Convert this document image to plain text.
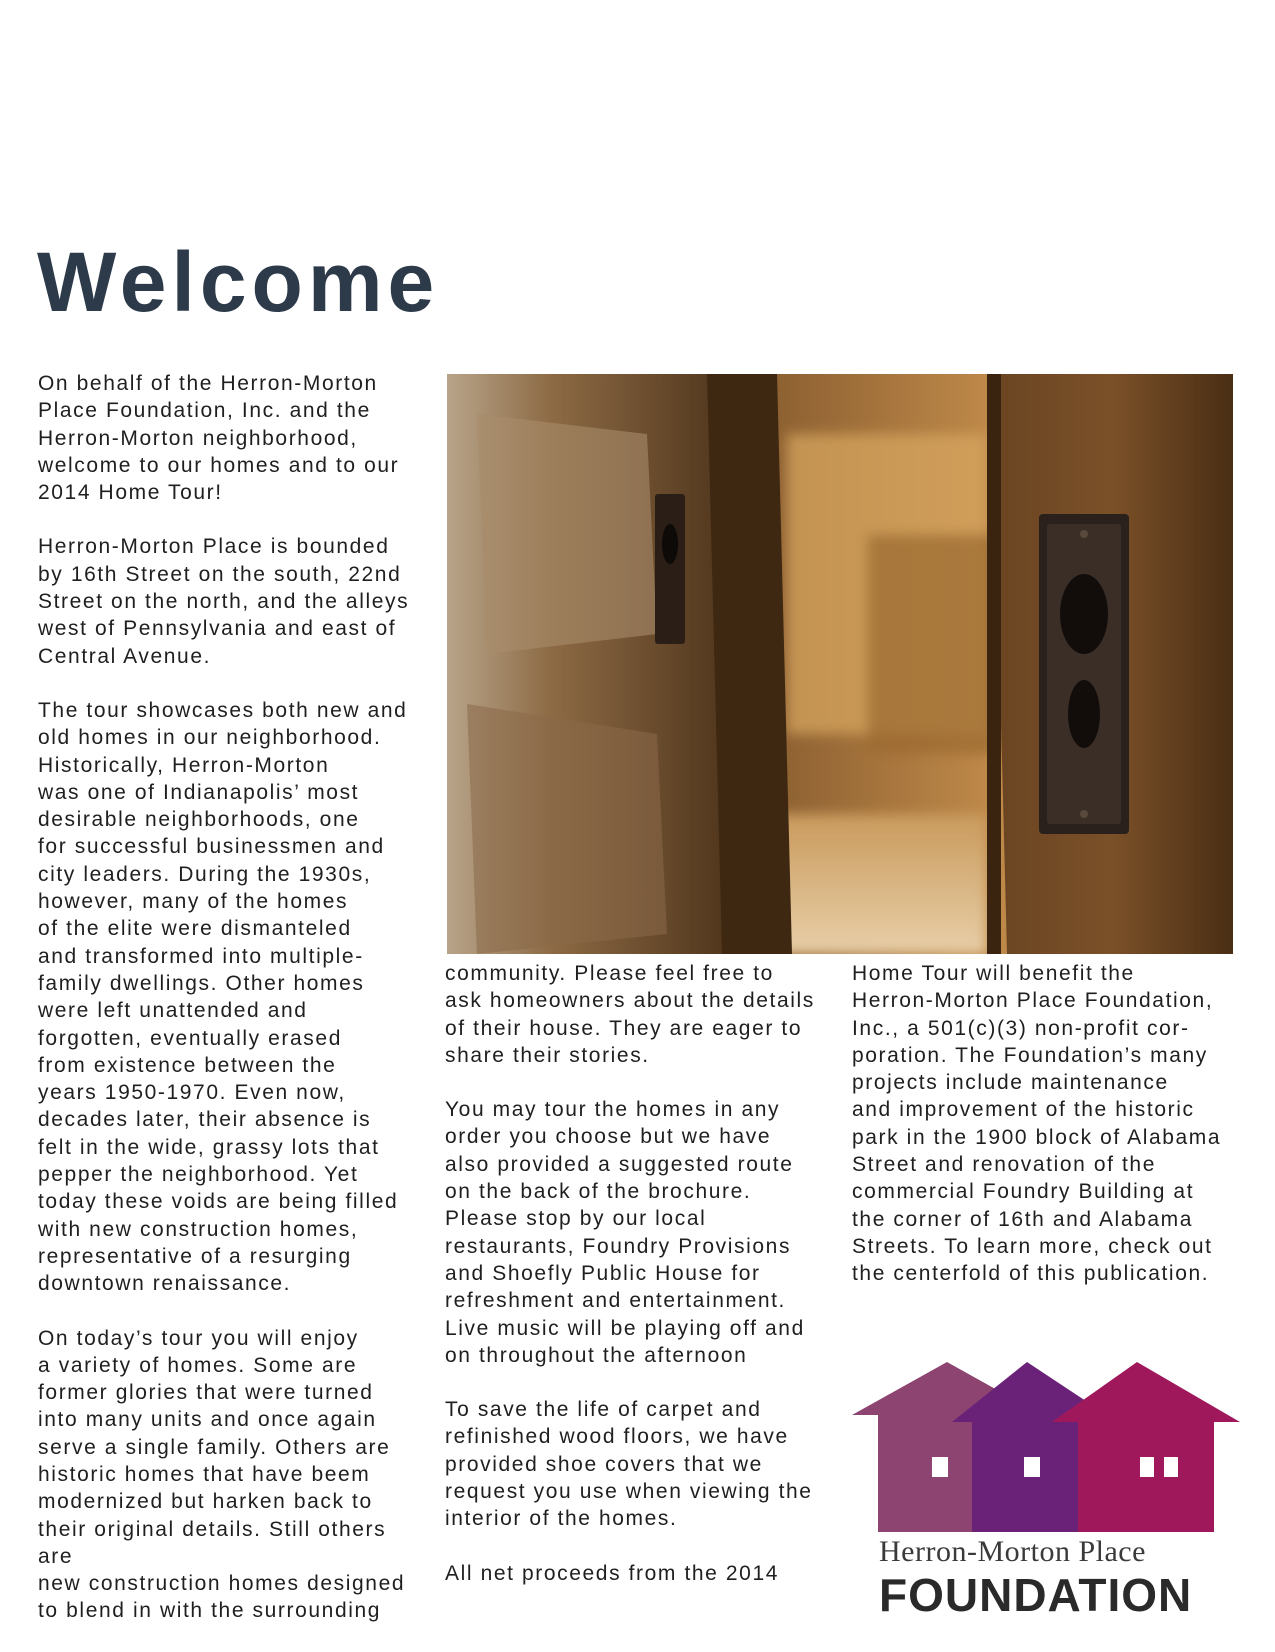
Welcome

On behalf of the Herron-Morton
Place Foundation, Inc. and the
Herron-Morton neighborhood,
welcome to our homes and to our
2014 Home Tour!

Herron-Morton Place is bounded
by 16th Street on the south, 22nd
Street on the north, and the alleys
west of Pennsylvania and east of
Central Avenue.

The tour showcases both new and
old homes in our neighborhood.
Historically, Herron-Morton
was one of Indianapolis’ most
desirable neighborhoods, one
for successful businessmen and
city leaders. During the 1930s,
however, many of the homes
of the elite were dismanteled
and transformed into multiple-
family dwellings. Other homes
were left unattended and
forgotten, eventually erased
from existence between the
years 1950-1970. Even now,
decades later, their absence is
felt in the wide, grassy lots that
pepper the neighborhood. Yet
today these voids are being filled
with new construction homes,
representative of a resurging
downtown renaissance.

On today’s tour you will enjoy
a variety of homes. Some are
former glories that were turned
into many units and once again
serve a single family. Others are
historic homes that have beem
modernized but harken back to
their original details. Still others are
new construction homes designed
to blend in with the surrounding

community. Please feel free to
ask homeowners about the details
of their house. They are eager to
share their stories.

You may tour the homes in any
order you choose but we have
also provided a suggested route
on the back of the brochure.
Please stop by our local
restaurants, Foundry Provisions
and Shoefly Public House for
refreshment and entertainment.
Live music will be playing off and
on throughout the afternoon

To save the life of carpet and
refinished wood floors, we have
provided shoe covers that we
request you use when viewing the
interior of the homes.

All net proceeds from the 2014

Home Tour will benefit the
Herron-Morton Place Foundation,
Inc., a 501(c)(3) non-profit cor-
poration. The Foundation’s many
projects include maintenance
and improvement of the historic
park in the 1900 block of Alabama
Street and renovation of the
commercial Foundry Building at
the corner of 16th and Alabama
Streets. To learn more, check out
the centerfold of this publication.

Herron-Morton Place
FOUNDATION
